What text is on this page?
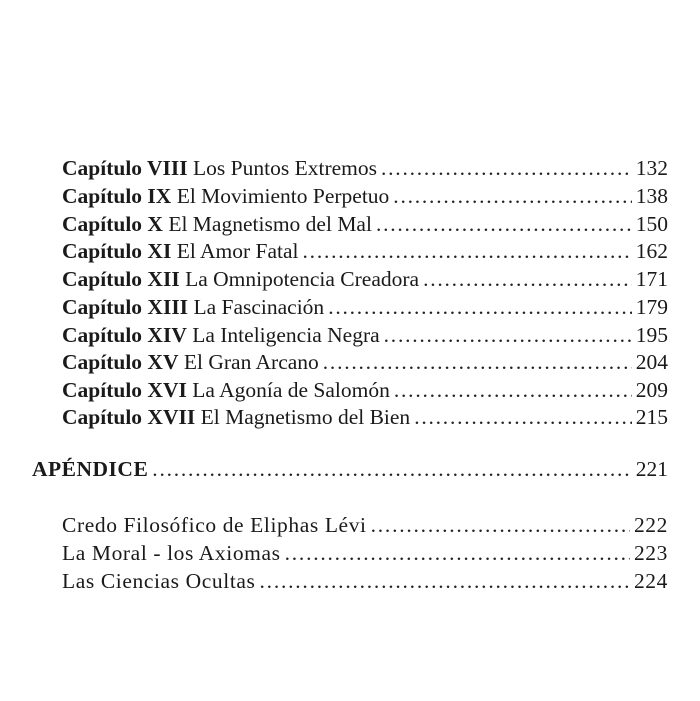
Capítulo VIII Los Puntos Extremos . . .	132
Capítulo IX El Movimiento Perpetuo . . .	138
Capítulo X El Magnetismo del Mal . . .	150
Capítulo XI El Amor Fatal . . .	162
Capítulo XII La Omnipotencia Creadora . . .	171
Capítulo XIII La Fascinación . . .	179
Capítulo XIV La Inteligencia Negra . . .	195
Capítulo XV El Gran Arcano . . .	204
Capítulo XVI La Agonía de Salomón . . .	209
Capítulo XVII El Magnetismo del Bien . . .	215
APÉNDICE . . .	221
Credo Filosófico de Eliphas Lévi . . .	222
La Moral - los Axiomas . . .	223
Las Ciencias Ocultas . . .	224
